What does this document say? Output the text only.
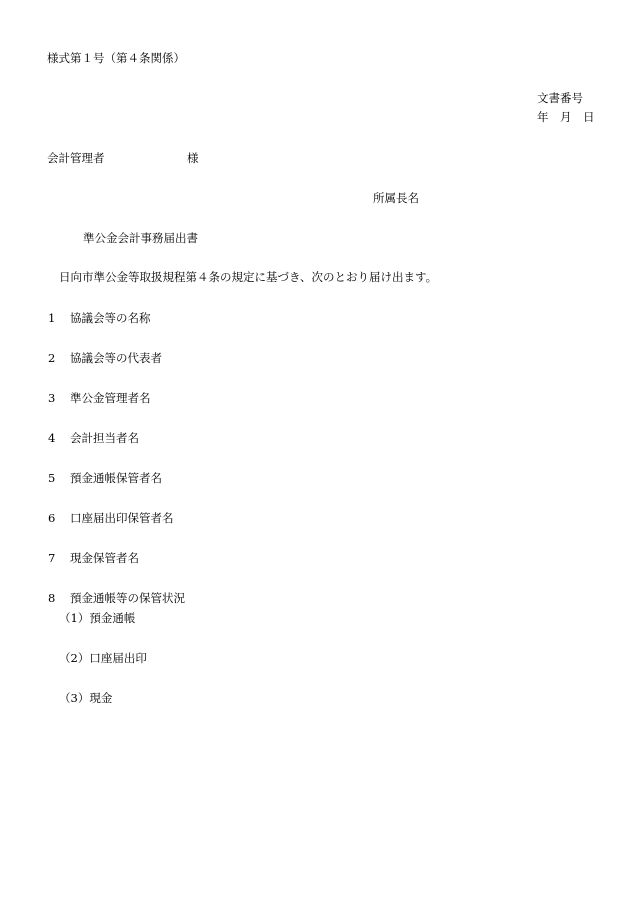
様式第１号（第４条関係）
文書番号
年　月　日
会計管理者	様
所属長名
準公金会計事務届出書
日向市準公金等取扱規程第４条の規定に基づき、次のとおり届け出ます。
1 協議会等の名称
2 協議会等の代表者
3 準公金管理者名
4 会計担当者名
5 預金通帳保管者名
6 口座届出印保管者名
7 現金保管者名
8 預金通帳等の保管状況
（1）預金通帳
（2）口座届出印
（3）現金
